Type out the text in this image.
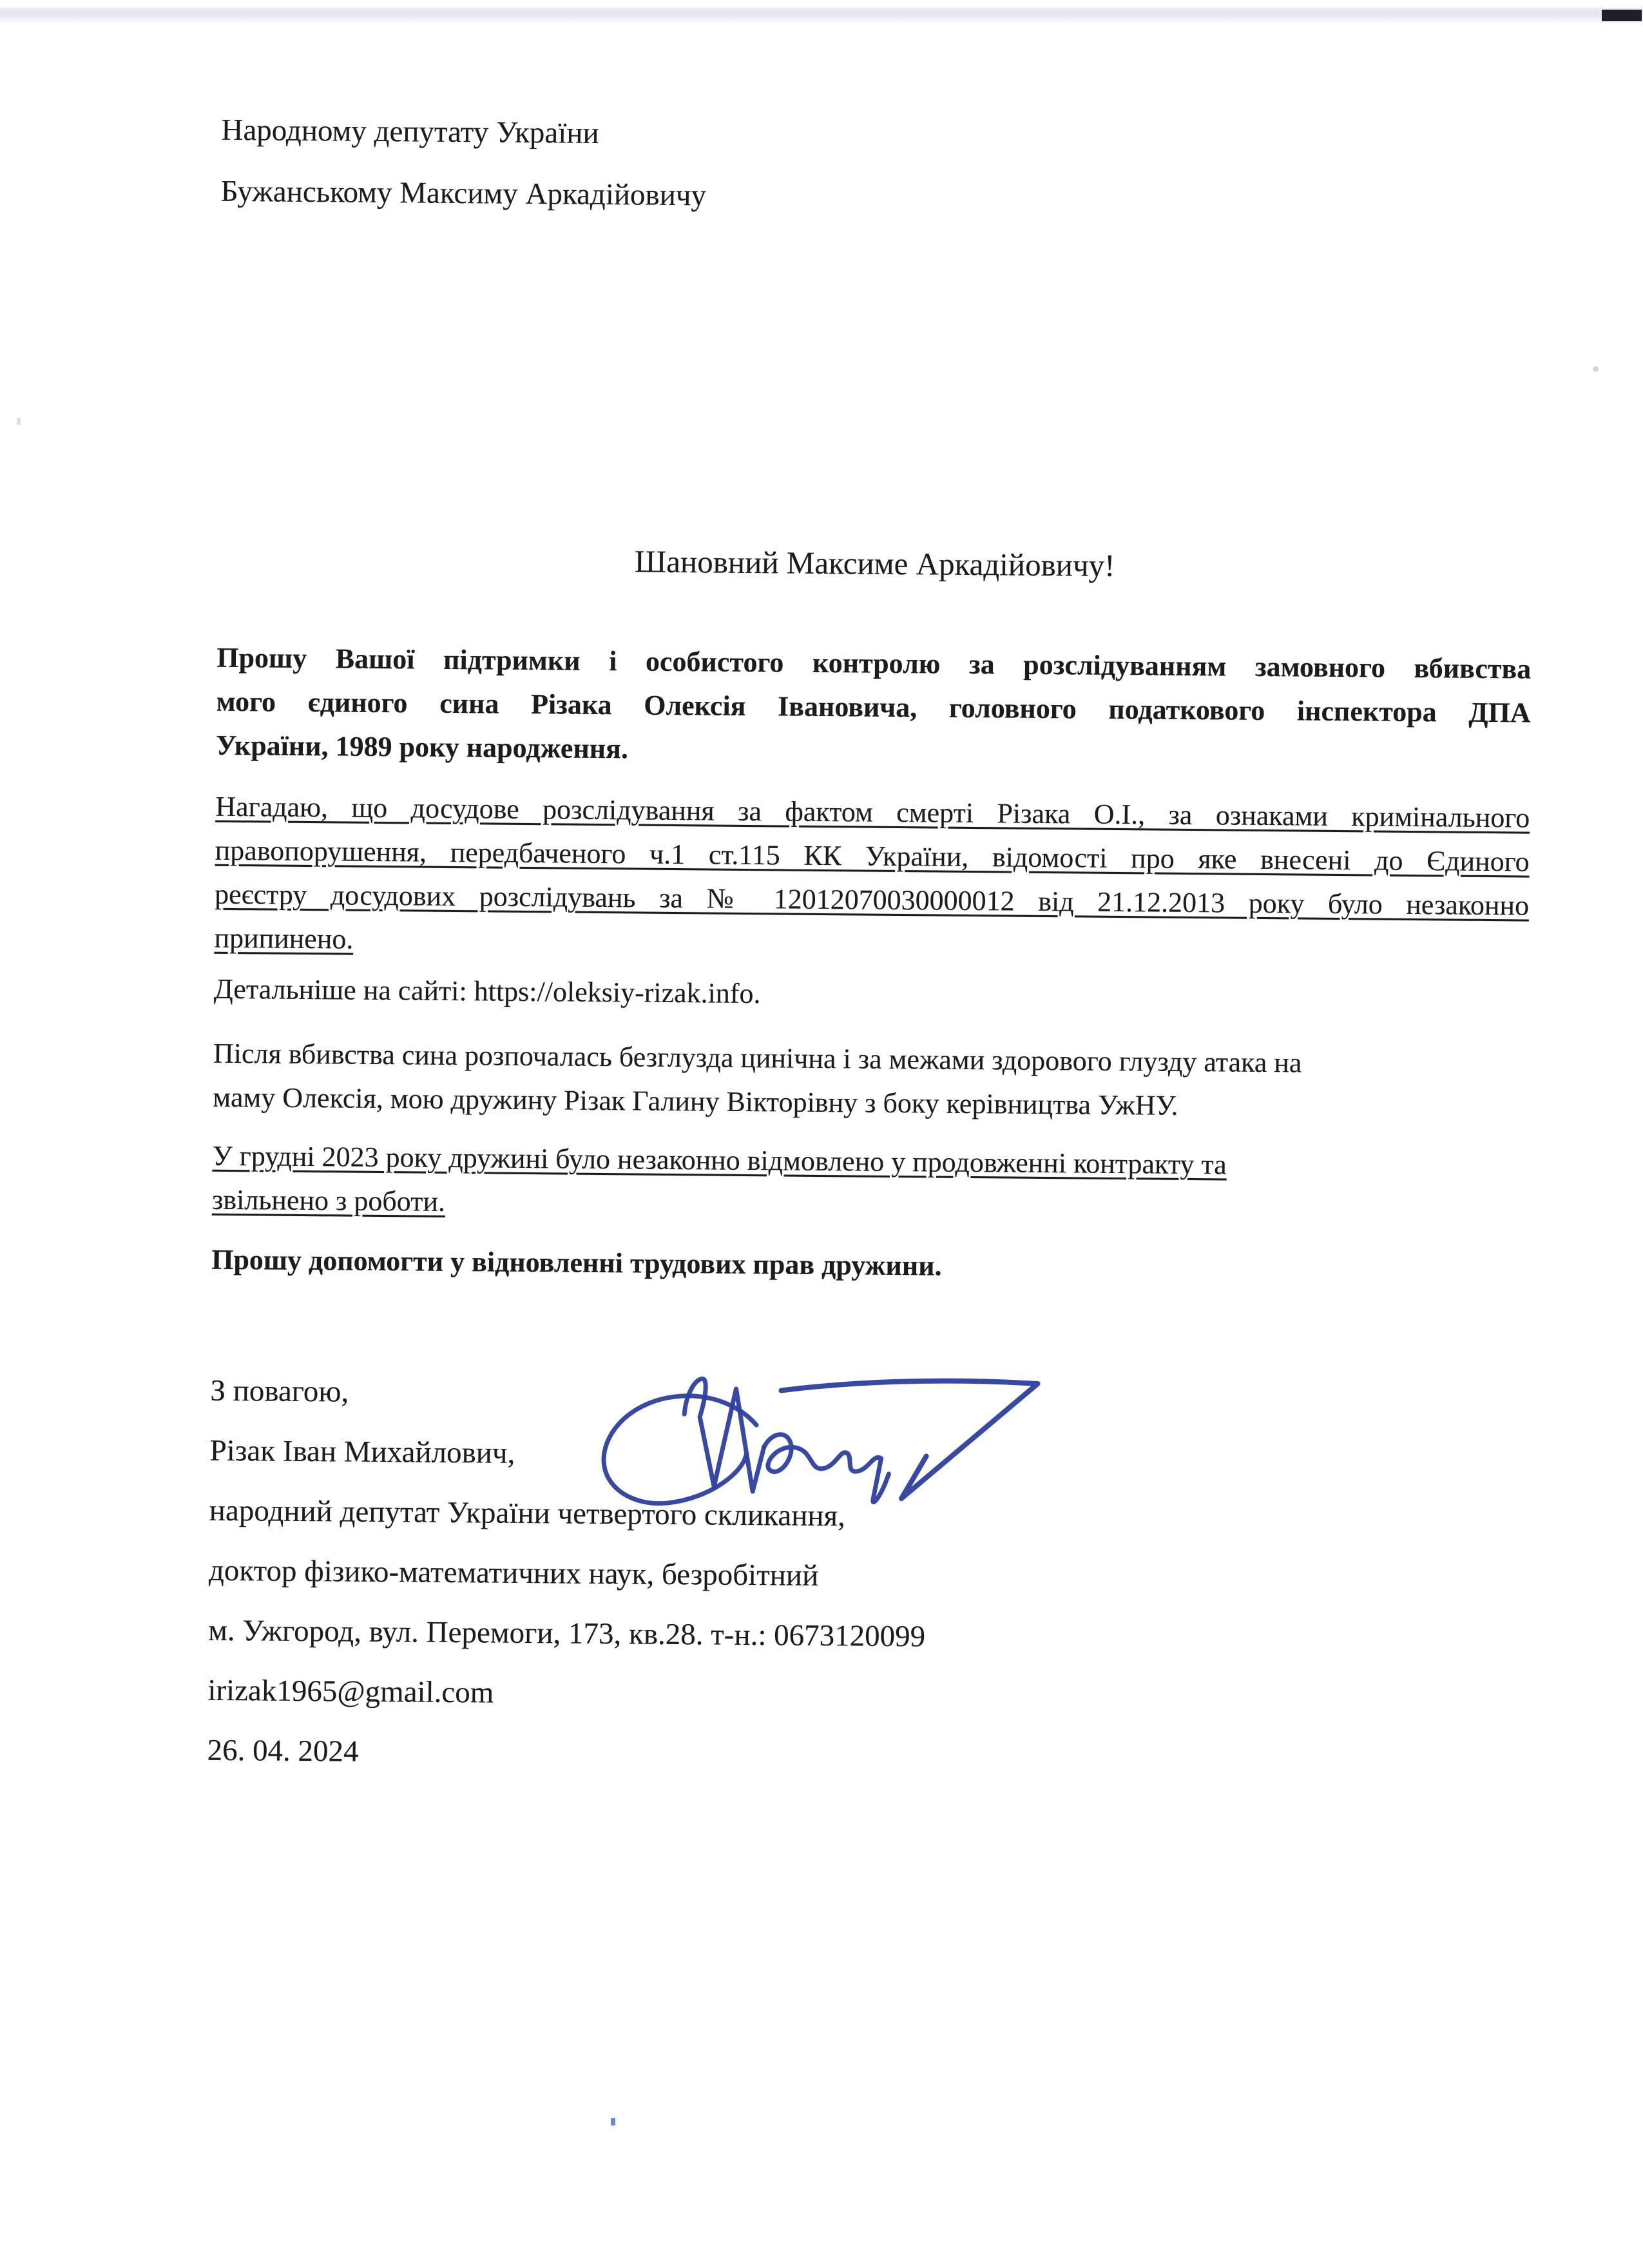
Народному депутату України
Бужанському Максиму Аркадійовичу
Шановний Максиме Аркадійовичу!
Прошу Вашої підтримки і особистого контролю за розслідуванням замовного вбивства
мого єдиного сина Різака Олексія Івановича, головного податкового інспектора ДПА
України, 1989 року народження.
Нагадаю, що досудове розслідування за фактом смерті Різака О.І., за ознаками кримінального
правопорушення, передбаченого ч.1 ст.115 КК України, відомості про яке внесені до Єдиного
реєстру досудових розслідувань за № 12012070030000012 від 21.12.2013 року було незаконно
припинено.
Детальніше на сайті: https://oleksiy-rizak.info.
Після вбивства сина розпочалась безглузда цинічна і за межами здорового глузду атака на
маму Олексія, мою дружину Різак Галину Вікторівну з боку керівництва УжНУ.
У грудні 2023 року дружині було незаконно відмовлено у продовженні контракту та
звільнено з роботи.
Прошу допомогти у відновленні трудових прав дружини.
З повагою,
Різак Іван Михайлович,
народний депутат України четвертого скликання,
доктор фізико-математичних наук, безробітний
м. Ужгород, вул. Перемоги, 173, кв.28. т-н.: 0673120099
irizak1965@gmail.com
26. 04. 2024
